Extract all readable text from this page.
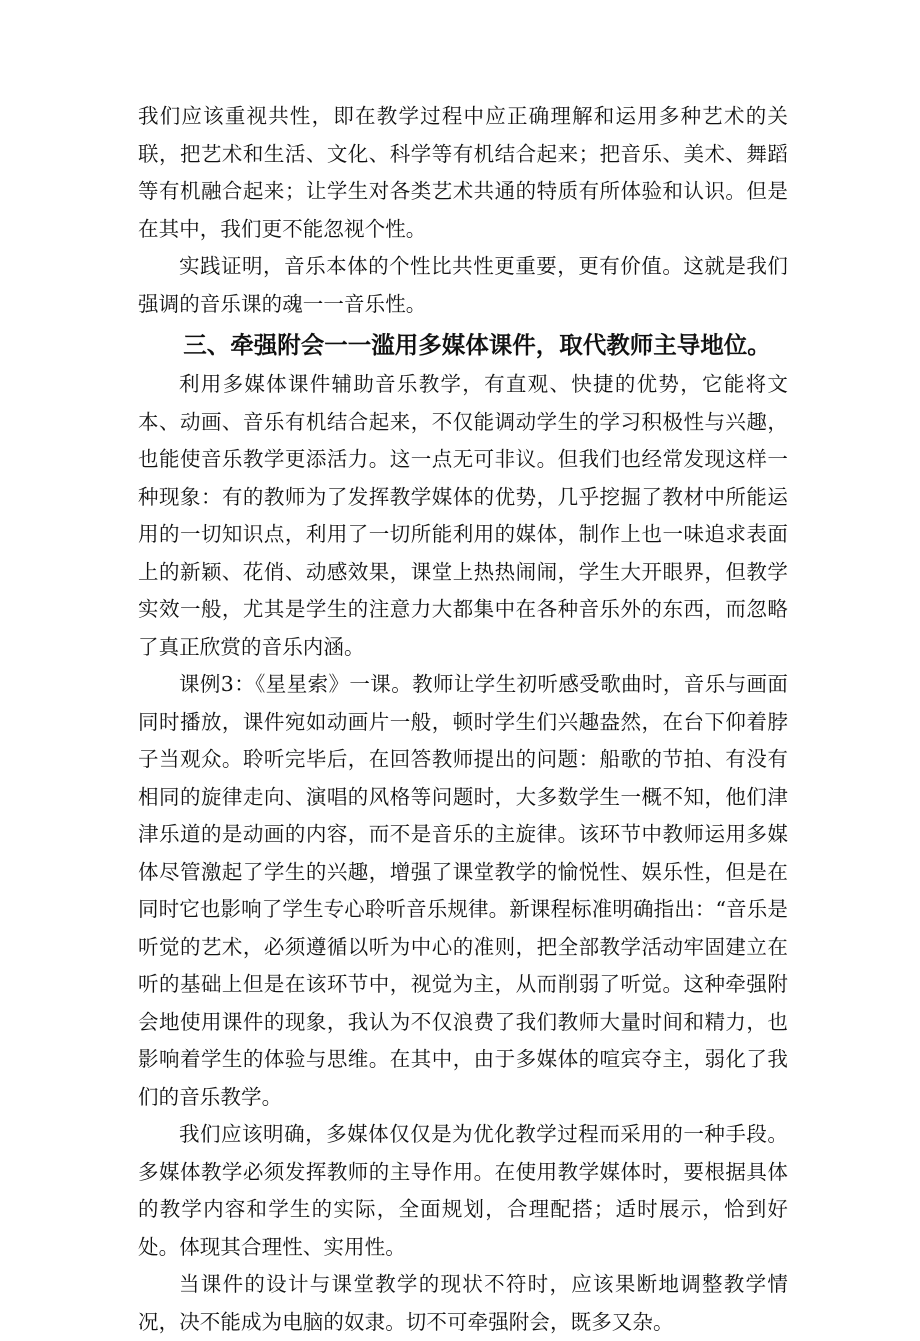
我们应该重视共性，即在教学过程中应正确理解和运用多种艺术的关联，把艺术和生活、文化、科学等有机结合起来；把音乐、美术、舞蹈等有机融合起来；让学生对各类艺术共通的特质有所体验和认识。但是在其中，我们更不能忽视个性。

实践证明，音乐本体的个性比共性更重要，更有价值。这就是我们强调的音乐课的魂一一音乐性。

三、牵强附会一一滥用多媒体课件，取代教师主导地位。

利用多媒体课件辅助音乐教学，有直观、快捷的优势，它能将文本、动画、音乐有机结合起来，不仅能调动学生的学习积极性与兴趣，也能使音乐教学更添活力。这一点无可非议。但我们也经常发现这样一种现象：有的教师为了发挥教学媒体的优势，几乎挖掘了教材中所能运用的一切知识点，利用了一切所能利用的媒体，制作上也一味追求表面上的新颖、花俏、动感效果，课堂上热热闹闹，学生大开眼界，但教学实效一般，尤其是学生的注意力大都集中在各种音乐外的东西，而忽略了真正欣赏的音乐内涵。

课例3：《星星索》一课。教师让学生初听感受歌曲时，音乐与画面同时播放，课件宛如动画片一般，顿时学生们兴趣盎然，在台下仰着脖子当观众。聆听完毕后，在回答教师提出的问题：船歌的节拍、有没有相同的旋律走向、演唱的风格等问题时，大多数学生一概不知，他们津津乐道的是动画的内容，而不是音乐的主旋律。该环节中教师运用多媒体尽管激起了学生的兴趣，增强了课堂教学的愉悦性、娱乐性，但是在同时它也影响了学生专心聆听音乐规律。新课程标准明确指出：“音乐是听觉的艺术，必须遵循以听为中心的准则，把全部教学活动牢固建立在听的基础上但是在该环节中，视觉为主，从而削弱了听觉。这种牵强附会地使用课件的现象，我认为不仅浪费了我们教师大量时间和精力，也影响着学生的体验与思维。在其中，由于多媒体的喧宾夺主，弱化了我们的音乐教学。

我们应该明确，多媒体仅仅是为优化教学过程而采用的一种手段。多媒体教学必须发挥教师的主导作用。在使用教学媒体时，要根据具体的教学内容和学生的实际，全面规划，合理配搭；适时展示，恰到好处。体现其合理性、实用性。

当课件的设计与课堂教学的现状不符时，应该果断地调整教学情况，决不能成为电脑的奴隶。切不可牵强附会，既多又杂。
